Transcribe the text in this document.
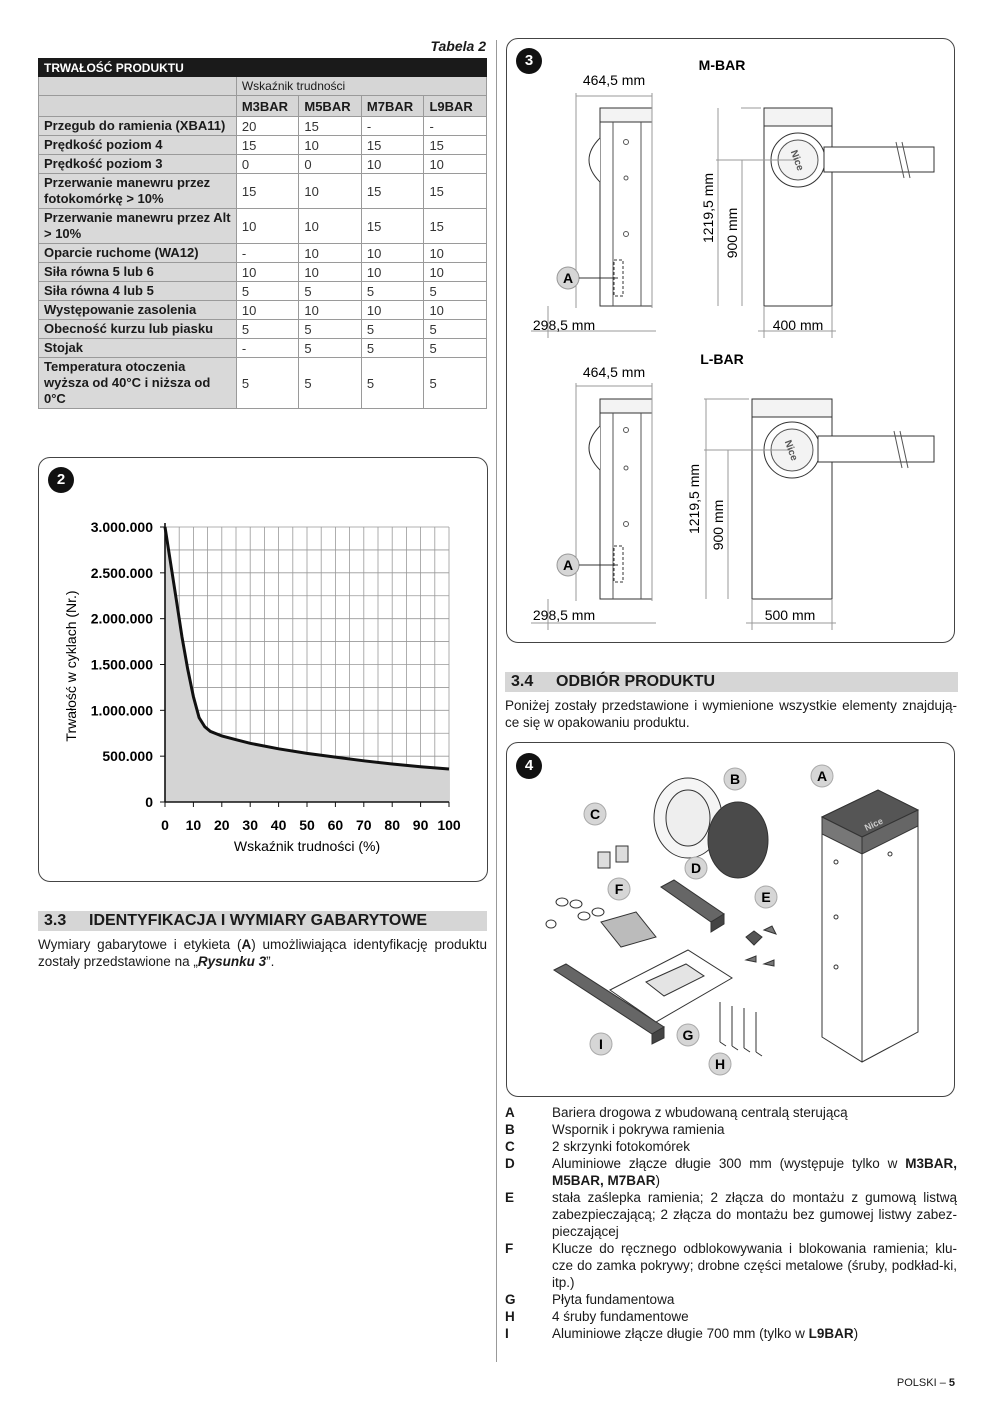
Tabela 2
TRWAŁOŚĆ PRODUKTU				
	Wskaźnik trudności			
	M3BAR	M5BAR	M7BAR	L9BAR
Przegub do ramienia (XBA11)	20	15	-	-
Prędkość poziom 4	15	10	15	15
Prędkość poziom 3	0	0	10	10
Przerwanie manewru przez fotokomórkę > 10%	15	10	15	15
Przerwanie manewru przez Alt > 10%	10	10	15	15
Oparcie ruchome (WA12)	-	10	10	10
Siła równa 5 lub 6	10	10	10	10
Siła równa 4 lub 5	5	5	5	5
Występowanie zasolenia	10	10	10	10
Obecność kurzu lub piasku	5	5	5	5
Stojak	-	5	5	5
Temperatura otoczenia wyższa od 40°C i niższa od 0°C	5	5	5	5
2
0 10 20 30 40 50 60 70 80 90 100
0
500.000
1.000.000
1.500.000
2.000.000
2.500.000
3.000.000
Wskaźnik trudności (%)
Trwałość w cyklach (Nr.)
3.3 IDENTYFIKACJA I WYMIARY GABARYTOWE
Wymiary gabarytowe i etykieta (A) umożliwiająca identyfikację produktu zostały przedstawione na „Rysunku 3”.
3
Nice
Nice
A
A
M-BAR
L-BAR
464,5 mm
298,5 mm	400 mm
1219,5 mm 900 mm
464,5 mm
298,5 mm	500 mm
1219,5 mm 900 mm
3.4 ODBIÓR PRODUKTU
Poniżej zostały przedstawione i wymienione wszystkie elementy znajdują-ce się w opakowaniu produktu.
4
Nice
A
B
C
D
E
F
G
H
I
A	Bariera drogowa z wbudowaną centralą sterującą
B	Wspornik i pokrywa ramienia
C	2 skrzynki fotokomórek
D	Aluminiowe złącze długie 300 mm (występuje tylko w M3BAR, M5BAR, M7BAR)
E	stała zaślepka ramienia; 2 złącza do montażu z gumową listwą zabezpieczającą; 2 złącza do montażu bez gumowej listwy zabez-pieczającej
F	Klucze do ręcznego odblokowywania i blokowania ramienia; klu-cze do zamka pokrywy; drobne części metalowe (śruby, podkład-ki, itp.)
G	Płyta fundamentowa
H	4 śruby fundamentowe
I	Aluminiowe złącze długie 700 mm (tylko w L9BAR)
POLSKI – 5
